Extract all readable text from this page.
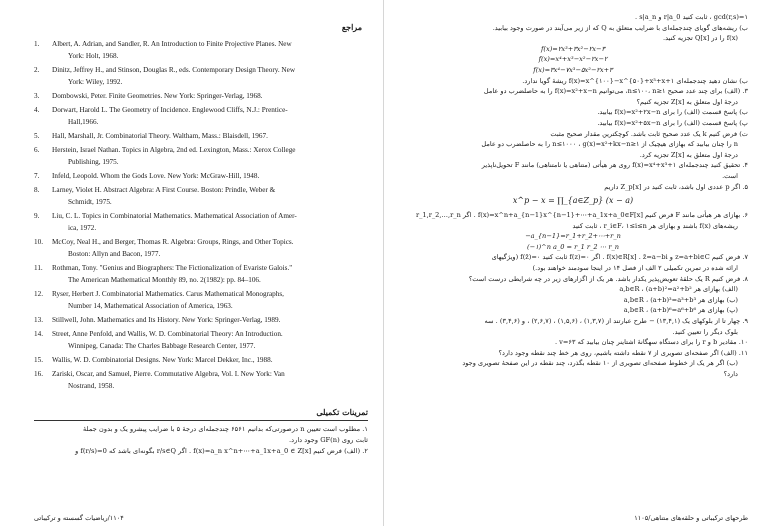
مراجع
1. Albert, A. Adrian, and Sandler, R. An Introduction to Finite Projective Planes. New
York: Holt, 1968.
2. Dinitz, Jeffrey H., and Stinson, Douglas R., eds. Contemporary Design Theory. New
York: Wiley, 1992.
3. Dombowski, Peter. Finite Geometries. New York: Springer-Verlag, 1968.
4. Dorwart, Harold L. The Geometry of Incidence. Englewood Cliffs, N.J.: Prentice-
Hall,1966.
5. Hall, Marshall, Jr. Combinatorial Theory. Waltham, Mass.: Blaisdell, 1967.
6. Herstein, Israel Nathan. Topics in Algebra, 2nd ed. Lexington, Mass.: Xerox College
Publishing, 1975.
7. Infeld, Leopold. Whom the Gods Love. New York: McGraw-Hill, 1948.
8. Larney, Violet H. Abstract Algebra: A First Course. Boston: Prindle, Weber &
Schmidt, 1975.
9. Liu, C. L. Topics in Combinatorial Mathematics. Mathematical Association of Amer-
ica, 1972.
10. McCoy, Neal H., and Berger, Thomas R. Algebra: Groups, Rings, and Other Topics.
Boston: Allyn and Bacon, 1977.
11. Rothman, Tony. "Genius and Biographers: The Fictionalization of Evariste Galois."
The American Mathematical Monthly 89, no. 2(1982): pp. 84–106.
12. Ryser, Herbert J. Combinatorial Mathematics. Carus Mathematical Monographs,
Number 14, Mathematical Association of America, 1963.
13. Stillwell, John. Mathematics and Its History. New York: Springer-Verlag, 1989.
14. Street, Anne Penfold, and Wallis, W. D. Combinatorial Theory: An Introduction.
Winnipeg, Canada: The Charles Babbage Research Center, 1977.
15. Wallis, W. D. Combinatorial Designs. New York: Marcel Dekker, Inc., 1988.
16. Zariski, Oscar, and Samuel, Pierre. Commutative Algebra, Vol. I. New York: Van
Nostrand, 1958.
تمرینات تکمیلی

۱. مطلوب است تعیین n درصورتی‌که بدانیم ۶۵۶۱ چندجمله‌ای درجهٔ ۵ با ضرایب پیشرو یک و بدون جملهٔ

ثابت روی GF(n) وجود دارد.

۲. (الف) فرض کنیم f(x)=a_n x^n+⋯+a_1x+a_0 ∈ Z[x] . اگر r/s∈Q بگونه‌ای باشد که f(r/s)=0 و

۱۱۰۴/ریاضیات گسسته و ترکیباتی

gcd(r,s)=۱ ، ثابت کنید r|a_0 و s|a_n .

ب) ریشه‌های گویای چندجمله‌ای با ضرایب متعلق به Q که از زیر می‌آیند در صورت وجود بیابید.

f(x) را در Q[x] تجزیه کنید.

f(x)=۲x³+۳x²−۲x−۳

f(x)=x⁴+x³−x²−۲x−۲

f(x)=۳x⁴−۷x³−۵x²−۲x+۳

ب) نشان دهید چندجمله‌ای f(x)=x^{۱۰۰}−x^{۵۰}+x³+x+۱ ریشهٔ گویا ندارد.

۳. (الف) برای چند عدد صحیح ۱≤n≤۱۰۰، n، می‌توانیم f(x)=x²+x−n را به حاصلضرب دو عامل

درجهٔ اول متعلق به Z[x] تجزیه کنیم؟

ب) پاسخ قسمت (الف) را برای f(x)=x²+۲x−n بیابید.

پ) پاسخ قسمت (الف) را برای f(x)=x²+۵x−n بیابید.

ت) فرض کنیم k یک عدد صحیح ثابت باشد. کوچکترین مقدار صحیح مثبت

n را چنان بیابید که بهازای هیچیک از ۱≤n≤۱۰۰۰ ، g(x)=x²+kx−n را به حاصلضرب دو عامل

درجهٔ اول متعلق به Z[x] تجزیه کرد.

۴. تحقیق کنید چندجمله‌ای f(x)=x⁴+x³+۱ روی هر هیأتی (متناهی یا نامتناهی) مانند F تحویل‌ناپذیر

است.

۵. اگر p عددی اول باشد، ثابت کنید در Z_p[x] داریم

x^p − x = ∏_{a∈Z_p} (x − a)

۶. بهازای هر هیأتی مانند F فرض کنیم f(x)=x^n+a_{n−1}x^{n−1}+⋯+a_1x+a_0∈F[x] . اگر r_1,r_2,…,r_n

ریشه‌های f(x) باشند و بهازای هر r_i∈F، ۱≤i≤n ، ثابت کنید

−a_{n−1}=r_1+r_2+⋯+r_n

(−۱)^n a_0 = r_1 r_2 ⋯ r_n

۷. فرض کنیم z=a+bi∈C و f(x)∈R[x] . z̄=a−bi . اگر f(z)=۰ ثابت کنید f(z̄)=۰ (ویژگیهای

ارائه شده در تمرین تکمیلی ۲ الف از فصل ۱۴ در اینجا سودمند خواهند بود.)

۸. فرض کنیم R یک حلقهٔ تعویض‌پذیر یکدار باشد. هر یک از اگزارهای زیر در چه شرایطی درست است؟

(الف) بهازای هر a,b∈R ، (a+b)²=a²+b²

(ب) بهازای هر a,b∈R ، (a+b)³=a³+b³

(پ) بهازای هر a,b∈R ، (a+b)⁶=a⁶+b⁶

۹. چهار تا از بلوکهای یک (۱۳,۴,۱) − طرح عبارتند از (۱,۳,۷) ، (۱,۵,۶) ، (۲,۶,۷) ، و (۳,۴,۶) . سه

بلوک دیگر را تعیین کنید.

۱۰. مقادیر b و r را برای دستگاه سهگانهٔ اشتاینر چنان بیابید که v=۶۳ .

۱۱. (الف) اگر صفحه‌ای تصویری از ۷ نقطه داشته باشیم، روی هر خط چند نقطه وجود دارد؟

(ب) اگر هر یک از خطوط صفحه‌ای تصویری از ۱۰ نقطه بگذرد، چند نقطه در این صفحهٔ تصویری وجود

دارد؟

طرحهای ترکیباتی و حلقه‌های متناهی/۱۱۰۵
